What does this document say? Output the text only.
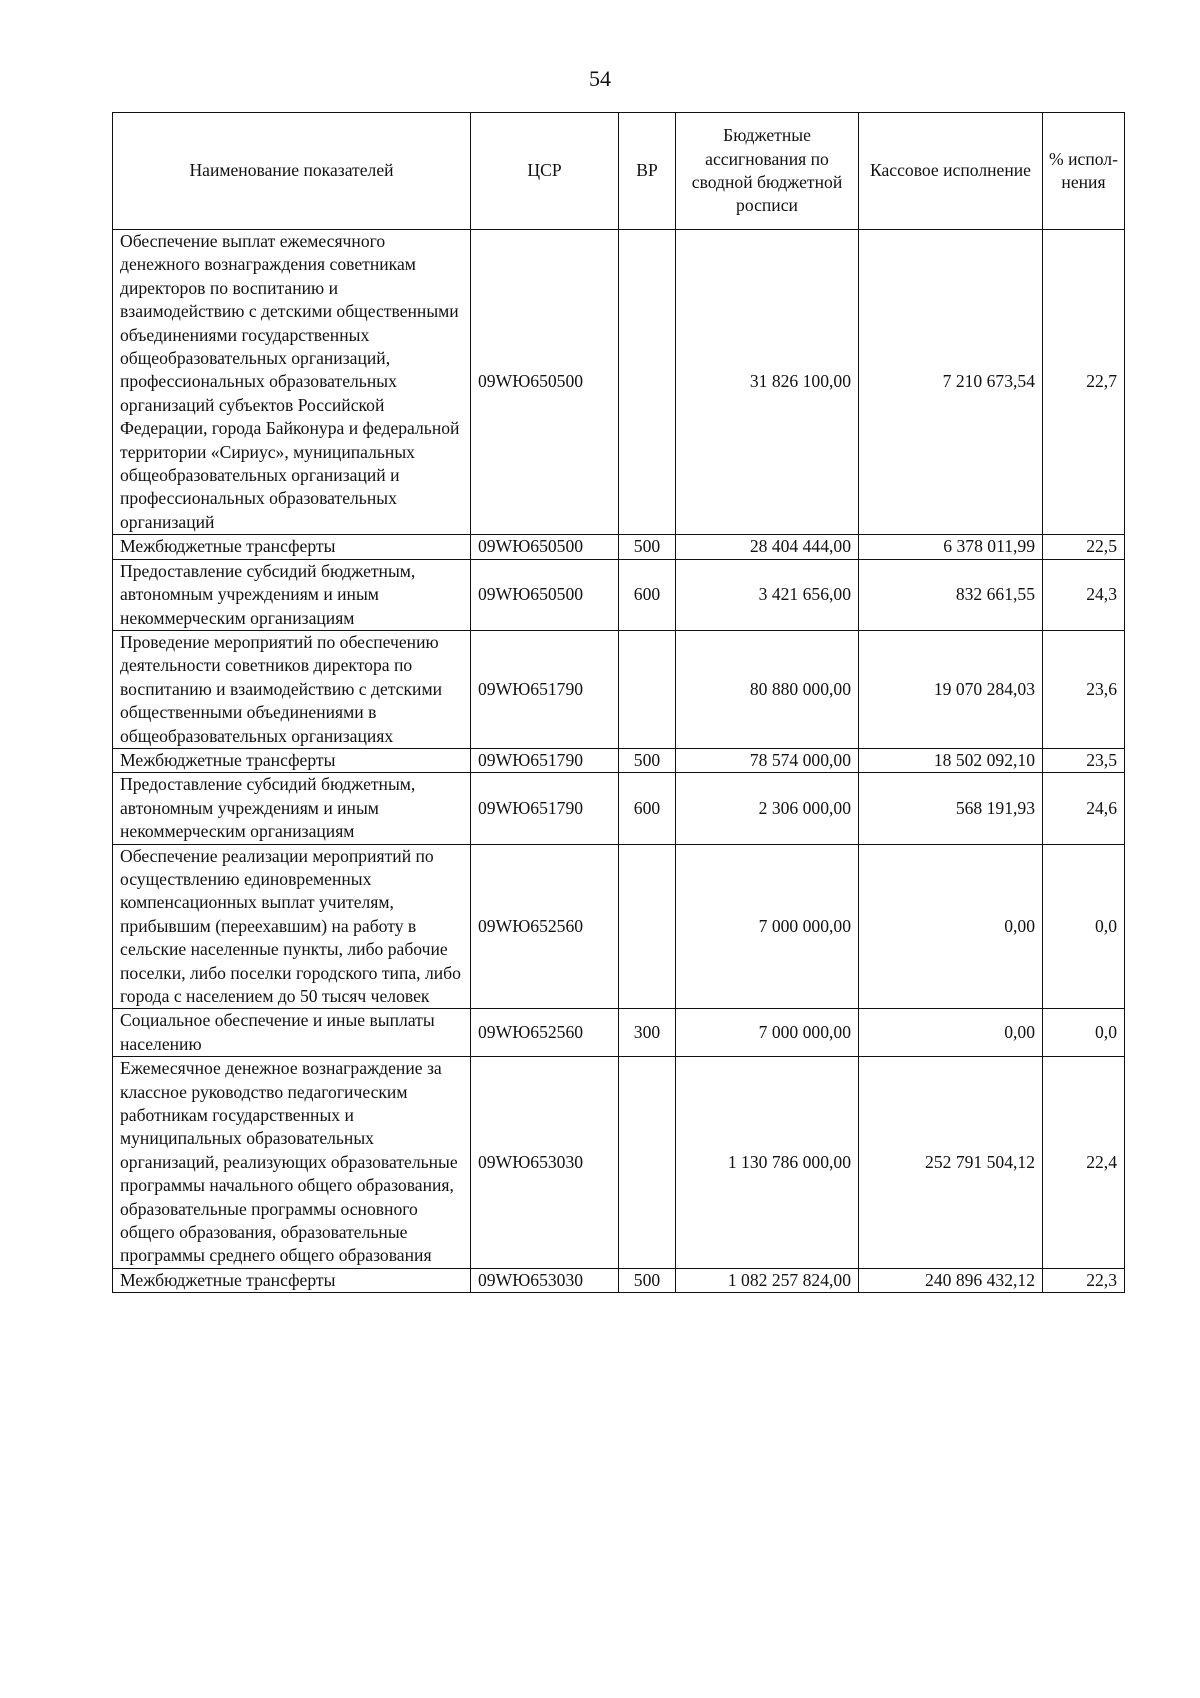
54
Наименование показателей	ЦСР	ВР	Бюджетные ассигнования по сводной бюджетной росписи	Кассовое исполнение	% испол-нения
Обеспечение выплат ежемесячного денежного вознаграждения советникам директоров по воспитанию и взаимодействию с детскими общественными объединениями государственных общеобразовательных организаций, профессиональных образовательных организаций субъектов Российской Федерации, города Байконура и федеральной территории «Сириус», муниципальных общеобразовательных организаций и профессиональных образовательных организаций	09WЮ650500		31 826 100,00	7 210 673,54	22,7
Межбюджетные трансферты	09WЮ650500	500	28 404 444,00	6 378 011,99	22,5
Предоставление субсидий бюджетным, автономным учреждениям и иным некоммерческим организациям	09WЮ650500	600	3 421 656,00	832 661,55	24,3
Проведение мероприятий по обеспечению деятельности советников директора по воспитанию и взаимодействию с детскими общественными объединениями в общеобразовательных организациях	09WЮ651790		80 880 000,00	19 070 284,03	23,6
Межбюджетные трансферты	09WЮ651790	500	78 574 000,00	18 502 092,10	23,5
Предоставление субсидий бюджетным, автономным учреждениям и иным некоммерческим организациям	09WЮ651790	600	2 306 000,00	568 191,93	24,6
Обеспечение реализации мероприятий по осуществлению единовременных компенсационных выплат учителям, прибывшим (переехавшим) на работу в сельские населенные пункты, либо рабочие поселки, либо поселки городского типа, либо города с населением до 50 тысяч человек	09WЮ652560		7 000 000,00	0,00	0,0
Социальное обеспечение и иные выплаты населению	09WЮ652560	300	7 000 000,00	0,00	0,0
Ежемесячное денежное вознаграждение за классное руководство педагогическим работникам государственных и муниципальных образовательных организаций, реализующих образовательные программы начального общего образования, образовательные программы основного общего образования, образовательные программы среднего общего образования	09WЮ653030		1 130 786 000,00	252 791 504,12	22,4
Межбюджетные трансферты	09WЮ653030	500	1 082 257 824,00	240 896 432,12	22,3
